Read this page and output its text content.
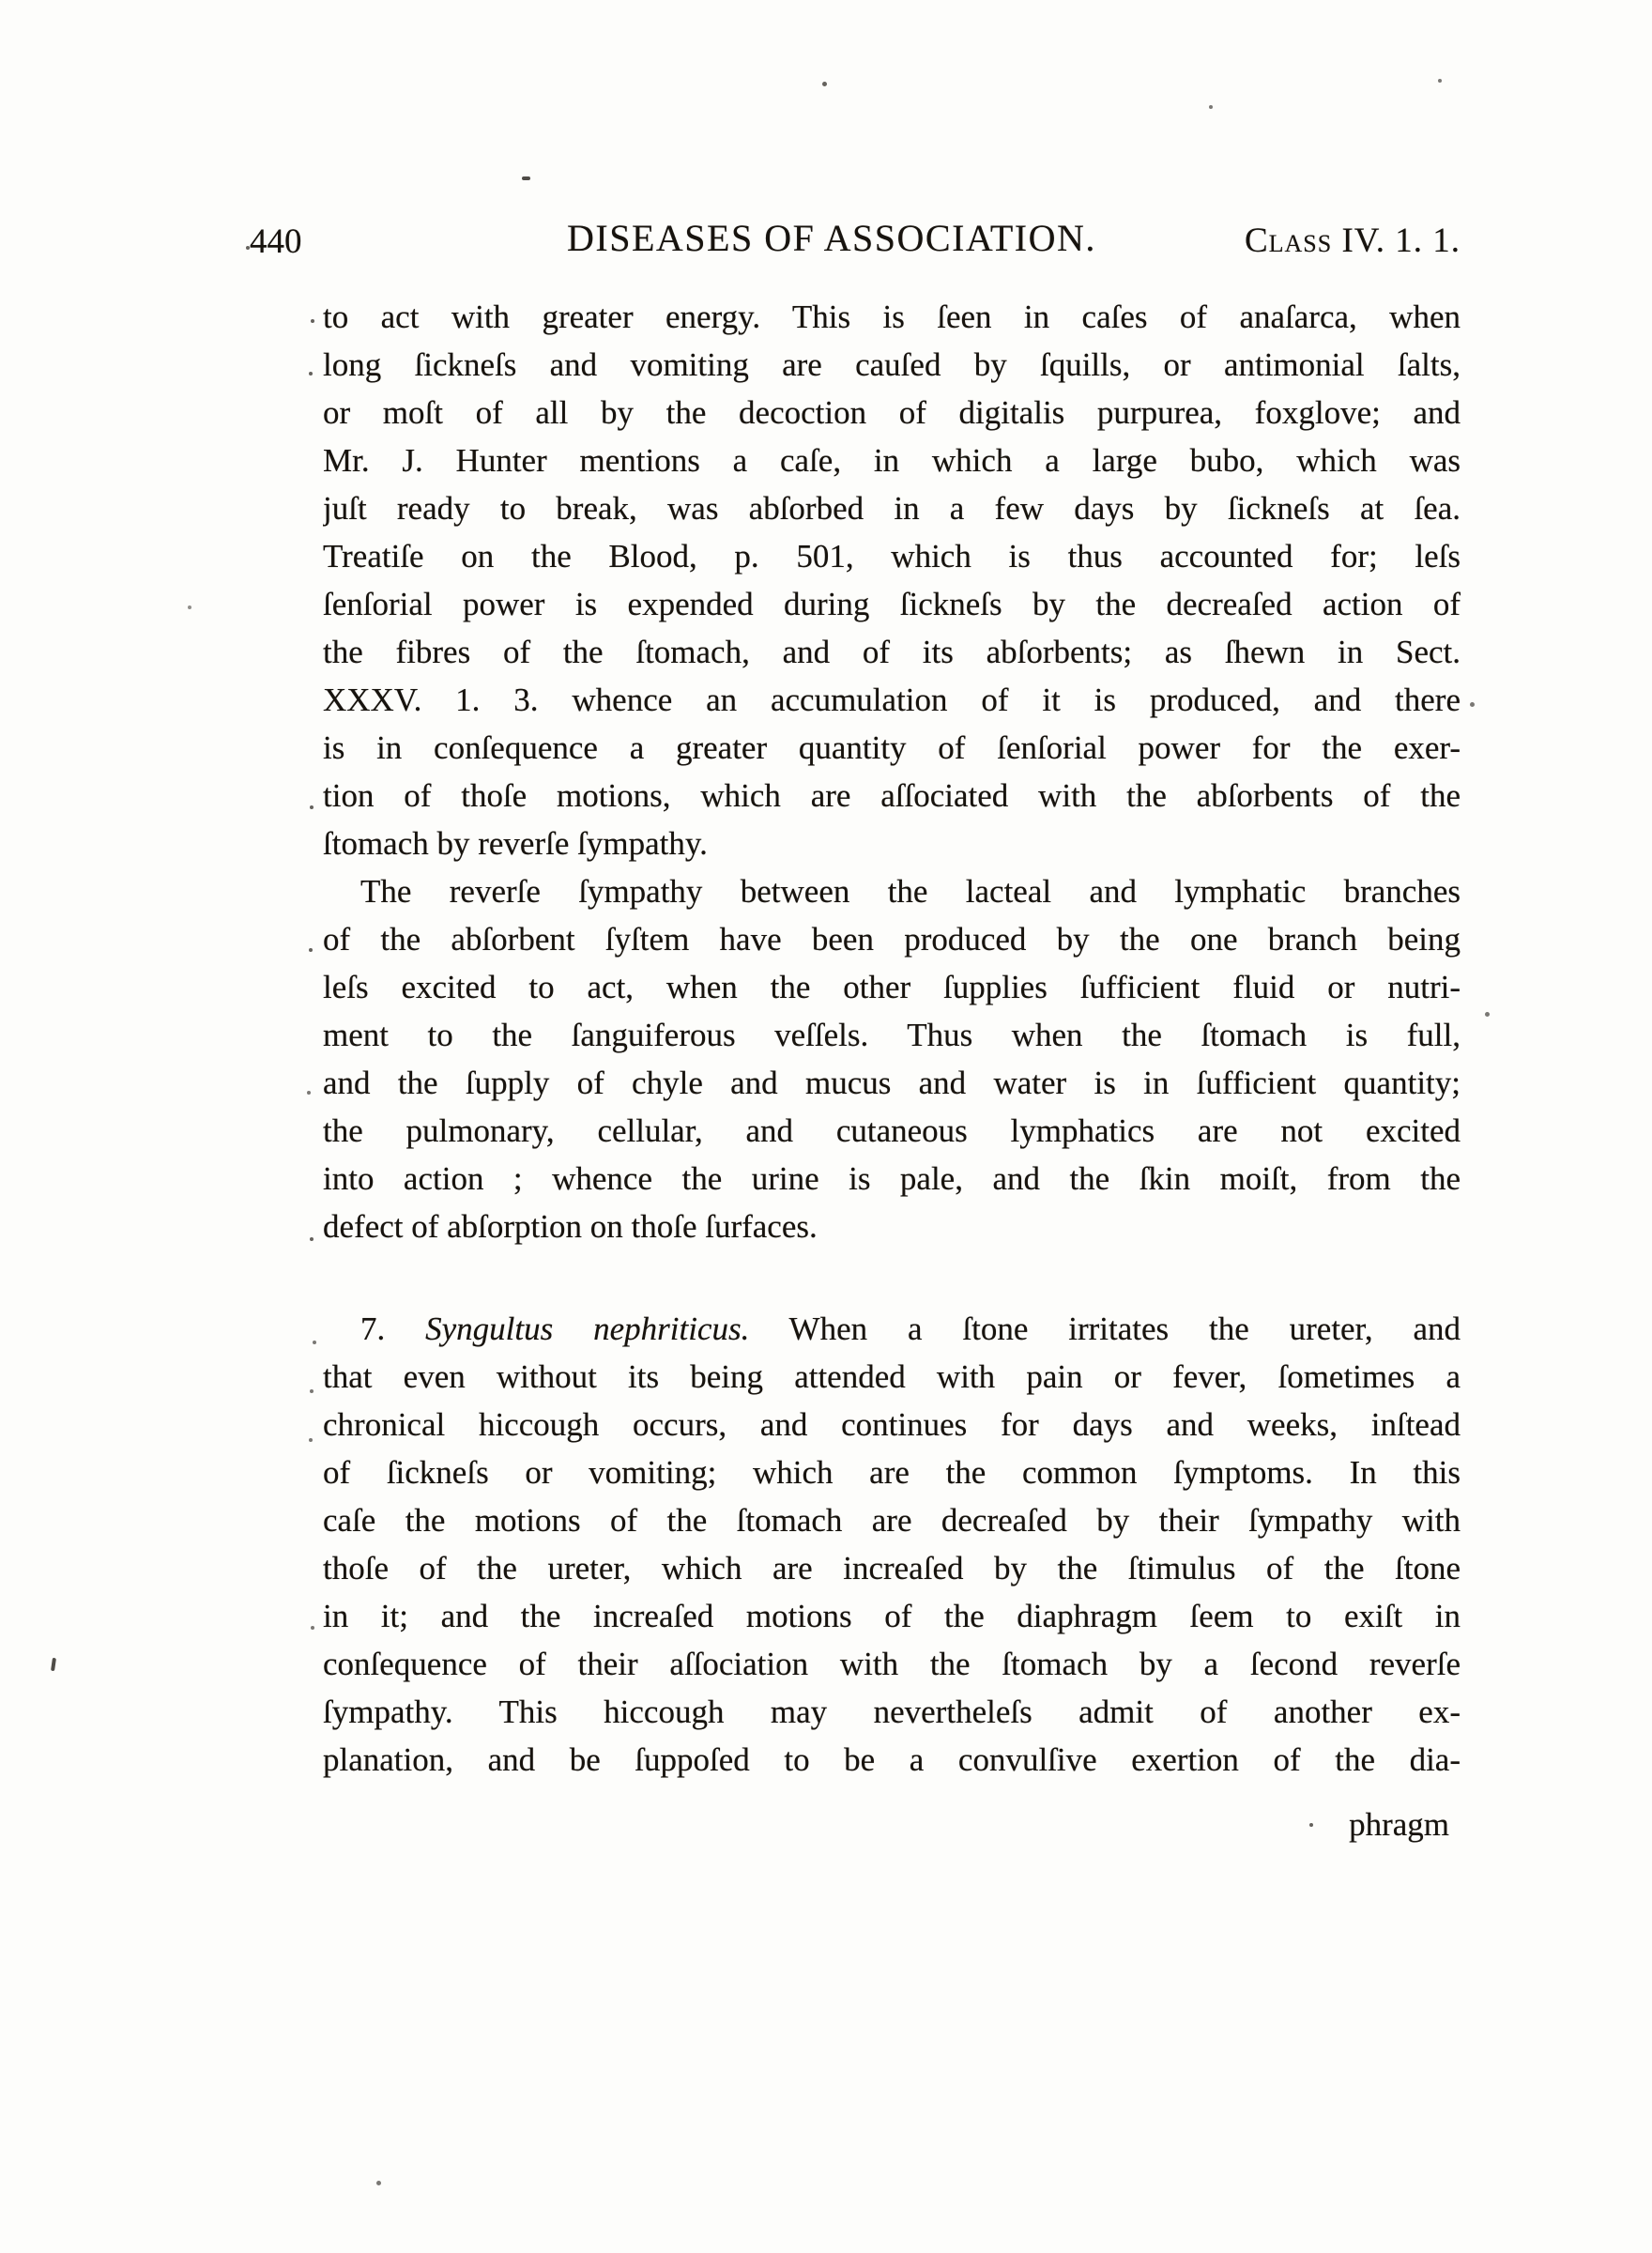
440	DISEASES OF ASSOCIATION.	Class IV. 1. 1.
to act with greater energy. This is ſeen in caſes of anaſarca, when
long ſickneſs and vomiting are cauſed by ſquills, or antimonial ſalts,
or moſt of all by the decoction of digitalis purpurea, foxglove; and
Mr. J. Hunter mentions a caſe, in which a large bubo, which was
juſt ready to break, was abſorbed in a few days by ſickneſs at ſea.
Treatiſe on the Blood, p. 501, which is thus accounted for; leſs
ſenſorial power is expended during ſickneſs by the decreaſed action of
the fibres of the ſtomach, and of its abſorbents; as ſhewn in Sect.
XXXV. 1. 3. whence an accumulation of it is produced, and there
is in conſequence a greater quantity of ſenſorial power for the exer-
tion of thoſe motions, which are aſſociated with the abſorbents of the
ſtomach by reverſe ſympathy.
The reverſe ſympathy between the lacteal and lymphatic branches
of the abſorbent ſyſtem have been produced by the one branch being
leſs excited to act, when the other ſupplies ſufficient fluid or nutri-
ment to the ſanguiferous veſſels. Thus when the ſtomach is full,
and the ſupply of chyle and mucus and water is in ſufficient quantity;
the pulmonary, cellular, and cutaneous lymphatics are not excited
into action ; whence the urine is pale, and the ſkin moiſt, from the
defect of abſorption on thoſe ſurfaces.
7. Syngultus nephriticus. When a ſtone irritates the ureter, and
that even without its being attended with pain or fever, ſometimes a
chronical hiccough occurs, and continues for days and weeks, inſtead
of ſickneſs or vomiting; which are the common ſymptoms. In this
caſe the motions of the ſtomach are decreaſed by their ſympathy with
thoſe of the ureter, which are increaſed by the ſtimulus of the ſtone
in it; and the increaſed motions of the diaphragm ſeem to exiſt in
conſequence of their aſſociation with the ſtomach by a ſecond reverſe
ſympathy. This hiccough may nevertheleſs admit of another ex-
planation, and be ſuppoſed to be a convulſive exertion of the dia-
phragm
